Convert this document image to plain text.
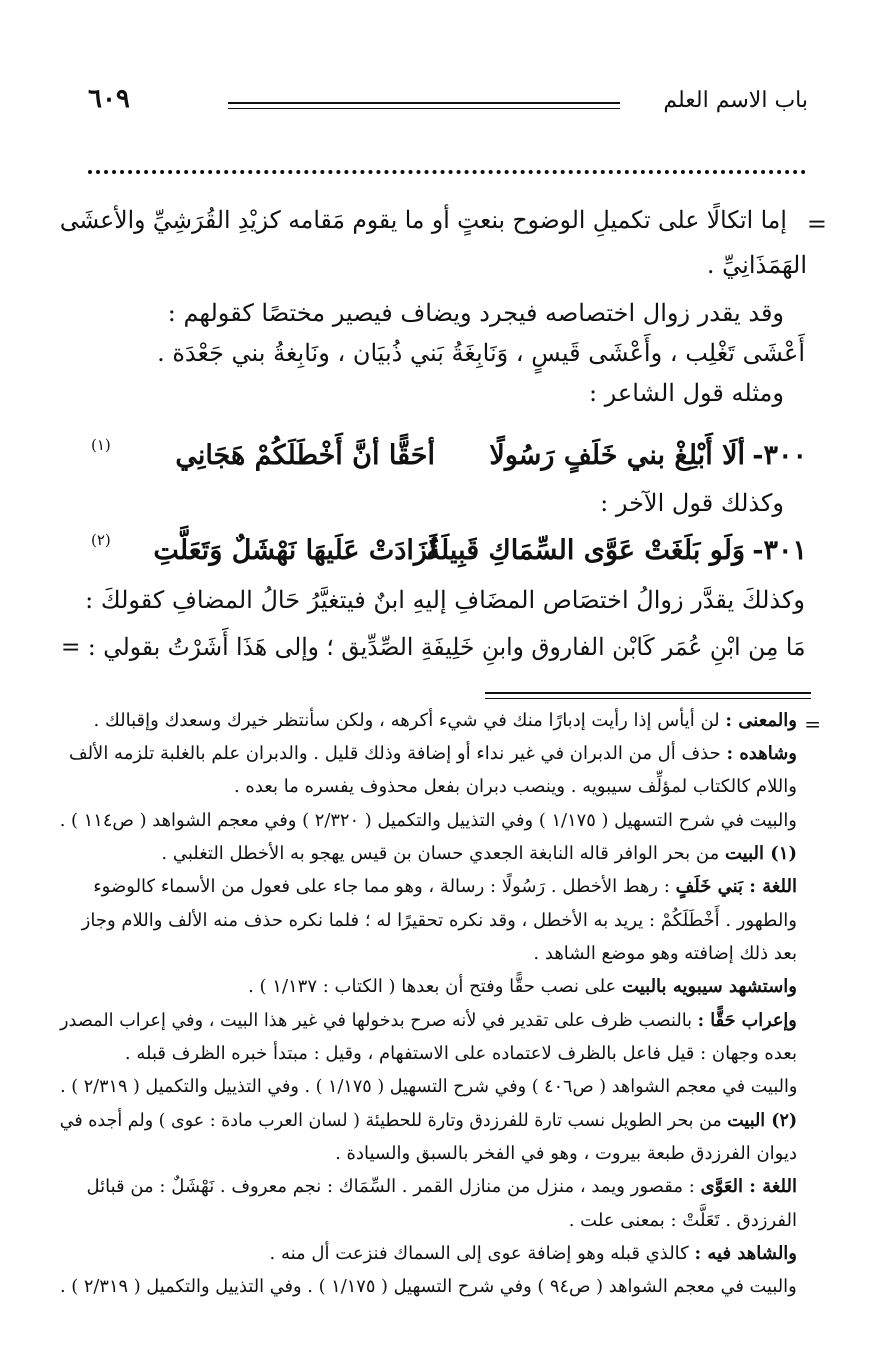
باب الاسم العلم
٦٠٩
=
إما اتكالًا على تكميلِ الوضوح بنعتٍ أو ما يقوم مَقامه كزيْدِ القُرَشِيِّ والأعشَى
الهَمَذَانِيِّ .
وقد يقدر زوال اختصاصه فيجرد ويضاف فيصير مختصًا كقولهم :
أَعْشَى تَغْلِب ، وأَعْشَى قَيسٍ ، وَنَابِغَةُ بَني ذُبيَان ، ونَابِغةُ بني جَعْدَة .
ومثله قول الشاعر :
٣٠٠-
ألَا أَبْلِغْ بني خَلَفٍ رَسُولًا
أحَقًّا أنَّ أَخْطَلَكُمْ هَجَانِي
(١)
وكذلك قول الآخر :
٣٠١-
وَلَو بَلَغَتْ عَوَّى السِّمَاكِ قَبِيلَةٌ
لَزَادَتْ عَلَيهَا نَهْشَلٌ وَتَعَلَّتِ
(٢)
وكذلكَ يقدَّر زوالُ اختصَاص المضَافِ إليهِ ابنٌ فيتغيَّرُ حَالُ المضافِ كقولكَ :
مَا مِن ابْنِ عُمَر كَابْن الفاروق وابنِ خَلِيفَةِ الصِّدِّيق ؛ وإلى هَذَا أَشَرْتُ بقولي : =
=
والمعنى : لن أيأس إذا رأيت إدبارًا منك في شيء أكرهه ، ولكن سأنتظر خيرك وسعدك وإقبالك .
وشاهده : حذف أل من الدبران في غير نداء أو إضافة وذلك قليل . والدبران علم بالغلبة تلزمه الألف
واللام كالكتاب لمؤلِّف سيبويه . وينصب دبران بفعل محذوف يفسره ما بعده .
والبيت في شرح التسهيل ( ١/١٧٥ ) وفي التذييل والتكميل ( ٢/٣٢٠ ) وفي معجم الشواهد ( ص١١٤ ) .
(١) البيت من بحر الوافر قاله النابغة الجعدي حسان بن قيس يهجو به الأخطل التغلبي .
اللغة : بَني خَلَفٍ : رهط الأخطل . رَسُولًا : رسالة ، وهو مما جاء على فعول من الأسماء كالوضوء
والطهور . أَخْطَلَكُمْ : يريد به الأخطل ، وقد نكره تحقيرًا له ؛ فلما نكره حذف منه الألف واللام وجاز
بعد ذلك إضافته وهو موضع الشاهد .
واستشهد سيبويه بالبيت على نصب حقًّا وفتح أن بعدها ( الكتاب : ١/١٣٧ ) .
وإعراب حَقًّا : بالنصب ظرف على تقدير في لأنه صرح بدخولها في غير هذا البيت ، وفي إعراب المصدر
بعده وجهان : قيل فاعل بالظرف لاعتماده على الاستفهام ، وقيل : مبتدأ خبره الظرف قبله .
والبيت في معجم الشواهد ( ص٤٠٦ ) وفي شرح التسهيل ( ١/١٧٥ ) . وفي التذييل والتكميل ( ٢/٣١٩ ) .
(٢) البيت من بحر الطويل نسب تارة للفرزدق وتارة للحطيئة ( لسان العرب مادة : عوى ) ولم أجده في
ديوان الفرزدق طبعة بيروت ، وهو في الفخر بالسبق والسيادة .
اللغة : العَوَّى : مقصور ويمد ، منزل من منازل القمر . السِّمَاك : نجم معروف . نَهْشَلٌ : من قبائل
الفرزدق . تَعَلَّتْ : بمعنى علت .
والشاهد فيه : كالذي قبله وهو إضافة عوى إلى السماك فنزعت أل منه .
والبيت في معجم الشواهد ( ص٩٤ ) وفي شرح التسهيل ( ١/١٧٥ ) . وفي التذييل والتكميل ( ٢/٣١٩ ) .
